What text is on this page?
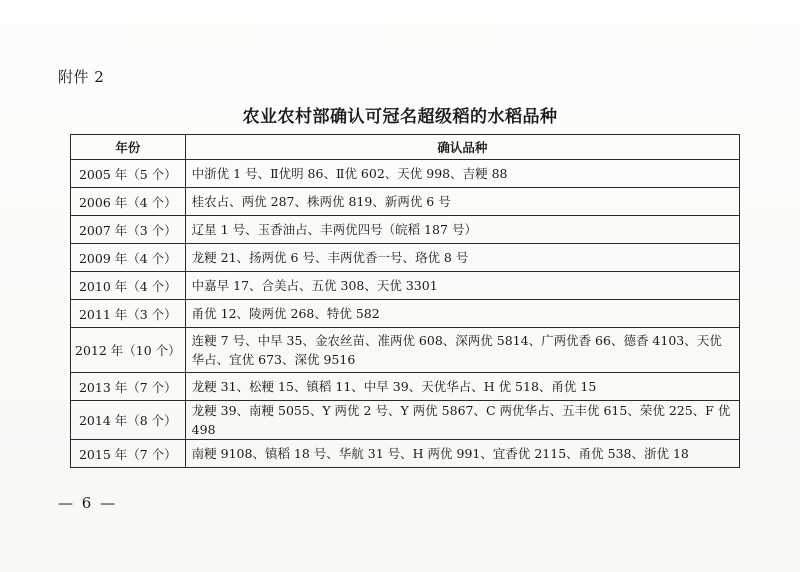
附件 2
农业农村部确认可冠名超级稻的水稻品种
年份	确认品种
2005 年（5 个）	中浙优 1 号、Ⅱ优明 86、Ⅱ优 602、天优 998、吉粳 88
2006 年（4 个）	桂农占、两优 287、株两优 819、新两优 6 号
2007 年（3 个）	辽星 1 号、玉香油占、丰两优四号（皖稻 187 号）
2009 年（4 个）	龙粳 21、扬两优 6 号、丰两优香一号、珞优 8 号
2010 年（4 个）	中嘉早 17、合美占、五优 308、天优 3301
2011 年（3 个）	甬优 12、陵两优 268、特优 582
2012 年（10 个）	连粳 7 号、中早 35、金农丝苗、准两优 608、深两优 5814、广两优香 66、德香 4103、天优华占、宜优 673、深优 9516
2013 年（7 个）	龙粳 31、松粳 15、镇稻 11、中早 39、天优华占、H 优 518、甬优 15
2014 年（8 个）	龙粳 39、南粳 5055、Y 两优 2 号、Y 两优 5867、C 两优华占、五丰优 615、荣优 225、F 优 498
2015 年（7 个）	南粳 9108、镇稻 18 号、华航 31 号、H 两优 991、宜香优 2115、甬优 538、浙优 18
— 6 —
